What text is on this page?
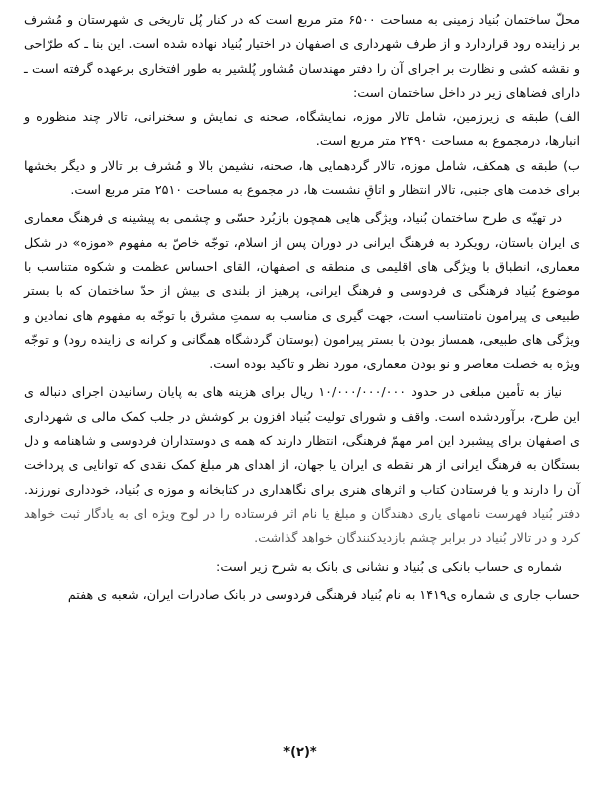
محلّ ساختمان بُنیاد زمینی به مساحت ۶۵۰۰ متر مربع است که در کنار پُل تاریخی ی شهرستان و مُشرف بر زاینده رود قراردارد و از طرف شهرداری ی اصفهان در اختیار بُنیاد نهاده شده است. این بنا ـ که طرّاحی و نقشه کشی و نظارت بر اجرای آن را دفتر مهندسان مُشاور پُلشیر به طور افتخاری برعهده گرفته است ـ دارای فضاهای زیر در داخل ساختمان است:

الف) طبقه ی زیرزمین، شامل تالار موزه، نمایشگاه، صحنه ی نمایش و سخنرانی، تالار چند منظوره و انبارها، درمجموع به مساحت ۲۴۹۰ متر مربع است.

ب) طبقه ی همکف، شامل موزه، تالار گردهمایی ها، صحنه، نشیمن بالا و مُشرف بر تالار و دیگر بخشها برای خدمت های جنبی، تالار انتظار و اتاقِ نشست ها، در مجموع به مساحت ۲۵۱۰ متر مربع است.

در تهیّه ی طرح ساختمان بُنیاد، ویژگی هایی همچون بازبُرد حسّی و چشمی به پیشینه ی فرهنگ معماری ی ایران باستان، رویکرد به فرهنگ ایرانی در دوران پس از اسلام، توجّه خاصّ به مفهوم «موزه» در شکل معماری، انطباق با ویژگی های اقلیمی ی منطقه ی اصفهان، القای احساس عظمت و شکوه متناسب با موضوع بُنیاد فرهنگی ی فردوسی و فرهنگ ایرانی، پرهیز از بلندی ی بیش از حدّ ساختمان که با بستر طبیعی ی پیرامون نامتناسب است، جهت گیری ی مناسب به سمتِ مشرق با توجّه به مفهوم های نمادین و ویژگی های طبیعی، همساز بودن با بستر پیرامون (بوستان گردشگاه همگانی و کرانه ی زاینده رود) و توجّه ویژه به خصلت معاصر و نو بودن معماری، مورد نظر و تاکید بوده است.

نیاز به تأمین مبلغی در حدود ۱۰/۰۰۰/۰۰۰/۰۰۰ ریال برای هزینه های به پایان رسانیدن اجرای دنباله ی این طرح، برآوردشده است. واقف و شورای تولیت بُنیاد افزون بر کوشش در جلب کمک مالی ی شهرداری ی اصفهان برای پیشبرد این امر مهمّ فرهنگی، انتظار دارند که همه ی دوستداران فردوسی و شاهنامه و دل بستگان به فرهنگ ایرانی از هر نقطه ی ایران یا جهان، از اهدای هر مبلغ کمک نقدی که توانایی ی پرداخت آن را دارند و یا فرستادن کتاب و اثرهای هنری برای نگاهداری در کتابخانه و موزه ی بُنیاد، خودداری نورزند. دفتر بُنیاد فهرست نامهای یاری دهندگان و مبلغ یا نام اثر فرستاده را در لوح ویژه ای به یادگار ثبت خواهد کرد و در تالار بُنیاد در برابر چشم بازدیدکنندگان خواهد گذاشت.

شماره ی حساب بانکی ی بُنیاد و نشانی ی بانک به شرح زیر است:

حساب جاری ی شماره ی۱۴۱۹ به نام بُنیاد فرهنگی فردوسی در بانک صادرات ایران، شعبه ی هفتم

*(۲)*
